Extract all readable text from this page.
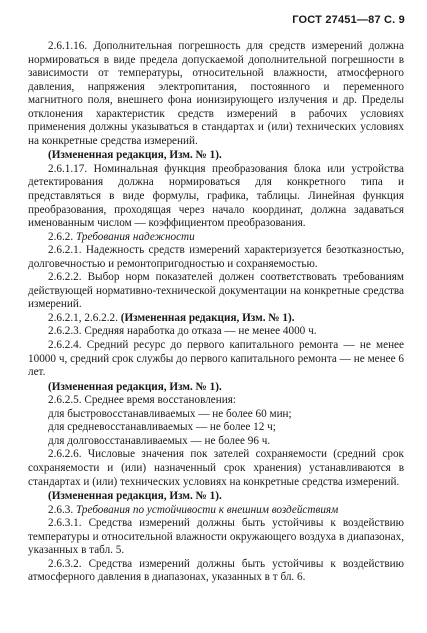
ГОСТ 27451—87 С. 9

2.6.1.16. Дополнительная погрешность для средств измерений должна нормироваться в виде предела допускаемой дополнительной погрешности в зависимости от температуры, относительной влажности, атмосферного давления, напряжения электропитания, постоянного и переменного магнитного поля, внешнего фона ионизирующего излучения и др. Пределы отклонения характеристик средств измерений в рабочих условиях применения должны указываться в стандартах и (или) технических условиях на конкретные средства измерений.

(Измененная редакция, Изм. № 1).

2.6.1.17. Номинальная функция преобразования блока или устройства детектирования должна нормироваться для конкретного типа и представляться в виде формулы, графика, таблицы. Линейная функция преобразования, проходящая через начало координат, должна задаваться именованным числом — коэффициентом преобразования.

2.6.2. Требования надежности

2.6.2.1. Надежность средств измерений характеризуется безотказностью, долговечностью и ремонтопригодностью и сохраняемостью.

2.6.2.2. Выбор норм показателей должен соответствовать требованиям действующей нормативно-технической документации на конкретные средства измерений.

2.6.2.1, 2.6.2.2. (Измененная редакция, Изм. № 1).

2.6.2.3. Средняя наработка до отказа — не менее 4000 ч.

2.6.2.4. Средний ресурс до первого капитального ремонта — не менее 10000 ч, средний срок службы до первого капитального ремонта — не менее 6 лет.

(Измененная редакция, Изм. № 1).

2.6.2.5. Среднее время восстановления:

для быстровосстанавливаемых — не более 60 мин;

для средневосстанавливаемых — не более 12 ч;

для долговосстанавливаемых — не более 96 ч.

2.6.2.6. Числовые значения пок зателей сохраняемости (средний срок сохраняемости и (или) назначенный срок хранения) устанавливаются в стандартах и (или) технических условиях на конкретные средства измерений.

(Измененная редакция, Изм. № 1).

2.6.3. Требования по устойчивости к внешним воздействиям

2.6.3.1. Средства измерений должны быть устойчивы к воздействию температуры и относительной влажности окружающего воздуха в диапазонах, указанных в табл. 5.

2.6.3.2. Средства измерений должны быть устойчивы к воздействию атмосферного давления в диапазонах, указанных в т бл. 6.
